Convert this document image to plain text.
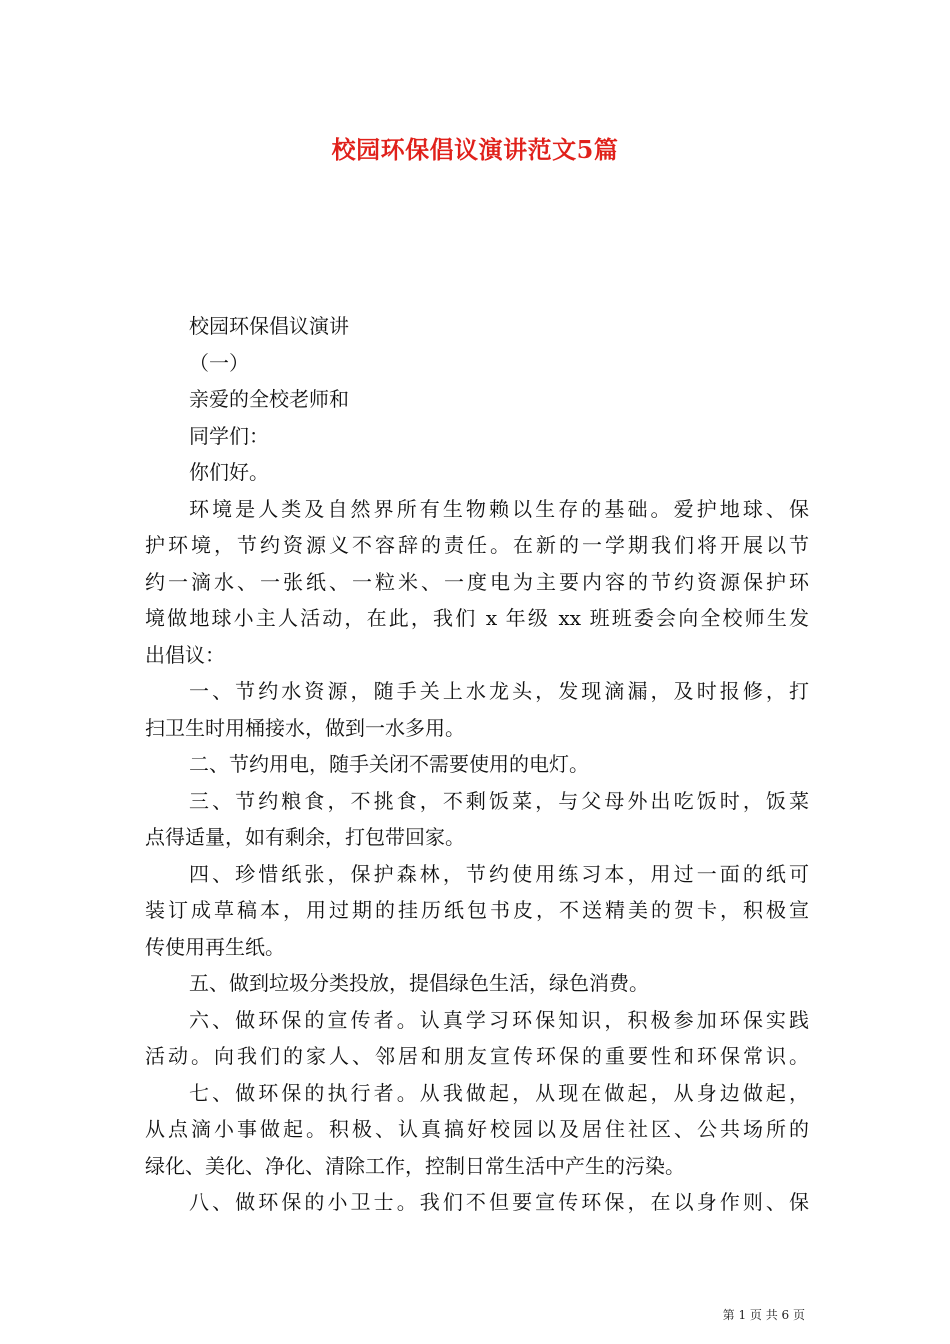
校园环保倡议演讲范文5篇
校园环保倡议演讲
（一）
亲爱的全校老师和
同学们：
你们好。
环境是人类及自然界所有生物赖以生存的基础。爱护地球、保
护环境，节约资源义不容辞的责任。在新的一学期我们将开展以节
约一滴水、一张纸、一粒米、一度电为主要内容的节约资源保护环
境做地球小主人活动，在此，我们 x 年级 xx 班班委会向全校师生发
出倡议：
一、节约水资源，随手关上水龙头，发现滴漏，及时报修，打
扫卫生时用桶接水，做到一水多用。
二、节约用电，随手关闭不需要使用的电灯。
三、节约粮食，不挑食，不剩饭菜，与父母外出吃饭时，饭菜
点得适量，如有剩余，打包带回家。
四、珍惜纸张，保护森林，节约使用练习本，用过一面的纸可
装订成草稿本，用过期的挂历纸包书皮，不送精美的贺卡，积极宣
传使用再生纸。
五、做到垃圾分类投放，提倡绿色生活，绿色消费。
六、做环保的宣传者。认真学习环保知识，积极参加环保实践
活动。向我们的家人、邻居和朋友宣传环保的重要性和环保常识。
七、做环保的执行者。从我做起，从现在做起，从身边做起，
从点滴小事做起。积极、认真搞好校园以及居住社区、公共场所的
绿化、美化、净化、清除工作，控制日常生活中产生的污染。
八、做环保的小卫士。我们不但要宣传环保，在以身作则、保
第 1 页 共 6 页
